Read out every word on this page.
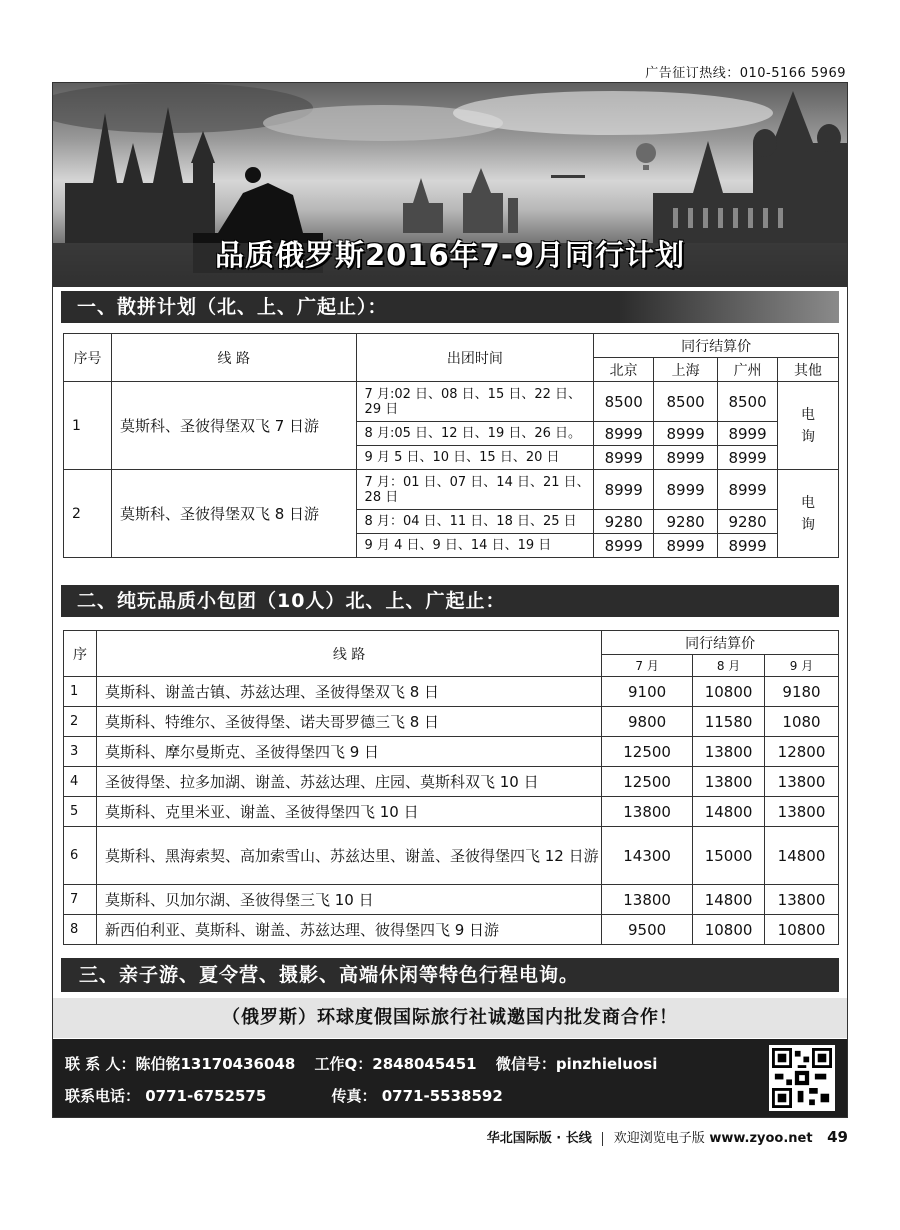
广告征订热线：010-5166 5969
品质俄罗斯2016年7-9月同行计划
一、散拼计划（北、上、广起止）：
序号	线 路	出团时间	同行结算价			
			北京	上海	广州	其他
1	莫斯科、圣彼得堡双飞 7 日游	7 月:02 日、08 日、15 日、22 日、29 日	8500	8500	8500	电
询
		8 月:05 日、12 日、19 日、26 日。	8999	8999	8999	
		9 月 5 日、10 日、15 日、20 日	8999	8999	8999	
2	莫斯科、圣彼得堡双飞 8 日游	7 月：01 日、07 日、14 日、21 日、28 日	8999	8999	8999	电
询
		8 月：04 日、11 日、18 日、25 日	9280	9280	9280	
		9 月 4 日、9 日、14 日、19 日	8999	8999	8999	
二、纯玩品质小包团（10人）北、上、广起止：
序	线 路	同行结算价		
		7 月	8 月	9 月
1	莫斯科、谢盖古镇、苏兹达理、圣彼得堡双飞 8 日	9100	10800	9180
2	莫斯科、特维尔、圣彼得堡、诺夫哥罗德三飞 8 日	9800	11580	1080
3	莫斯科、摩尔曼斯克、圣彼得堡四飞 9 日	12500	13800	12800
4	圣彼得堡、拉多加湖、谢盖、苏兹达理、庄园、莫斯科双飞 10 日	12500	13800	13800
5	莫斯科、克里米亚、谢盖、圣彼得堡四飞 10 日	13800	14800	13800
6	莫斯科、黑海索契、高加索雪山、苏兹达里、谢盖、圣彼得堡四飞 12 日游	14300	15000	14800
7	莫斯科、贝加尔湖、圣彼得堡三飞 10 日	13800	14800	13800
8	新西伯利亚、莫斯科、谢盖、苏兹达理、彼得堡四飞 9 日游	9500	10800	10800
三、亲子游、夏令营、摄影、高端休闲等特色行程电询。
（俄罗斯）环球度假国际旅行社诚邀国内批发商合作！
联 系 人：陈伯铭13170436048 工作Q：2848045451 微信号：pinzhieluosi
联系电话： 0771-6752575	传真： 0771-5538592
华北国际版 · 长线 欢迎浏览电子版 www.zyoo.net 49
